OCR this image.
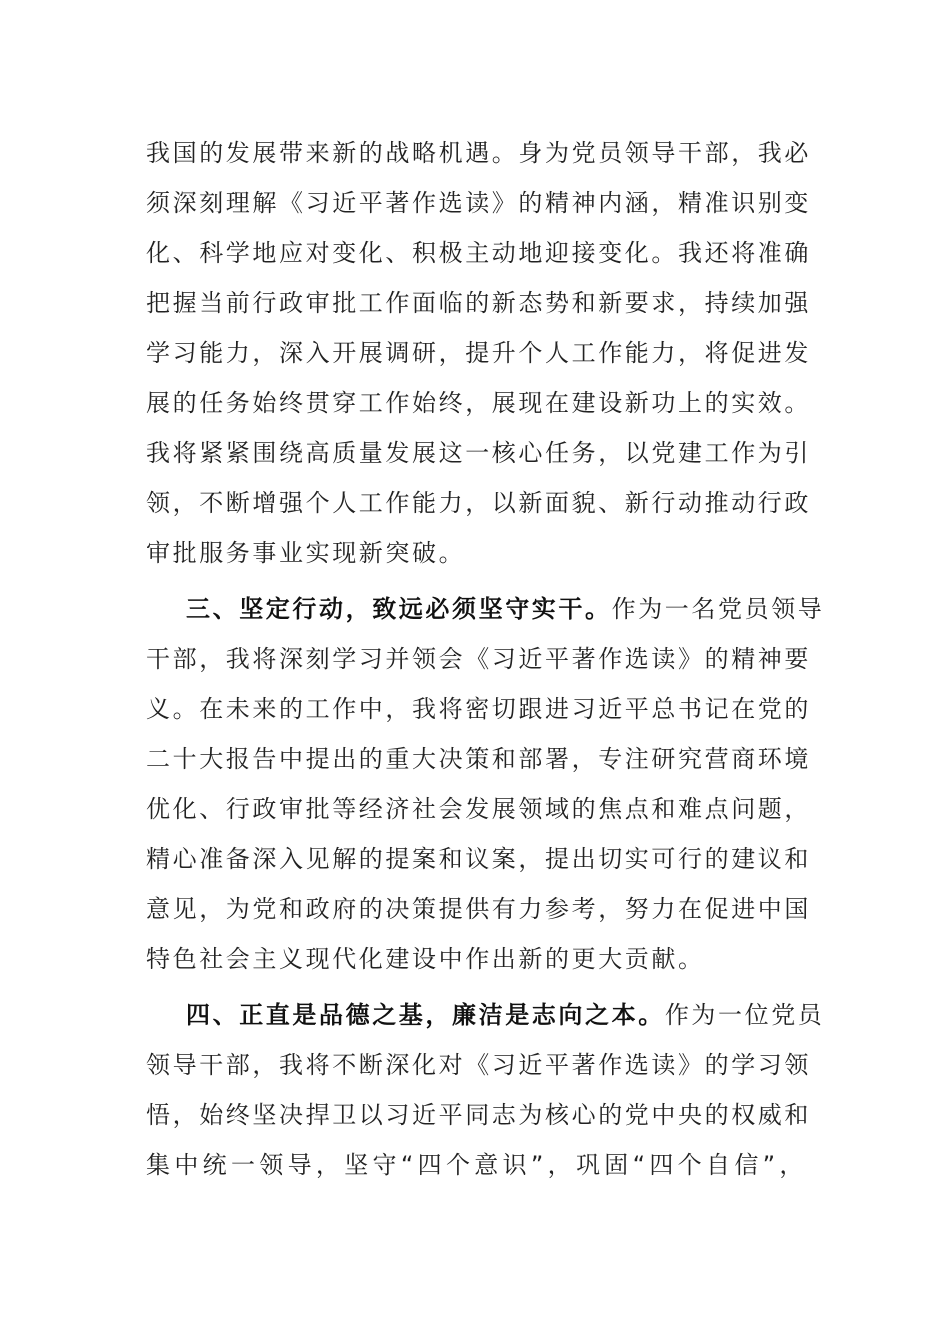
我国的发展带来新的战略机遇。身为党员领导干部，我必
须深刻理解《习近平著作选读》的精神内涵，精准识别变
化、科学地应对变化、积极主动地迎接变化。我还将准确
把握当前行政审批工作面临的新态势和新要求，持续加强
学习能力，深入开展调研，提升个人工作能力，将促进发
展的任务始终贯穿工作始终，展现在建设新功上的实效。
我将紧紧围绕高质量发展这一核心任务，以党建工作为引
领，不断增强个人工作能力，以新面貌、新行动推动行政
审批服务事业实现新突破。
三、坚定行动，致远必须坚守实干。作为一名党员领导
干部，我将深刻学习并领会《习近平著作选读》的精神要
义。在未来的工作中，我将密切跟进习近平总书记在党的
二十大报告中提出的重大决策和部署，专注研究营商环境
优化、行政审批等经济社会发展领域的焦点和难点问题，
精心准备深入见解的提案和议案，提出切实可行的建议和
意见，为党和政府的决策提供有力参考，努力在促进中国
特色社会主义现代化建设中作出新的更大贡献。
四、正直是品德之基，廉洁是志向之本。作为一位党员
领导干部，我将不断深化对《习近平著作选读》的学习领
悟，始终坚决捍卫以习近平同志为核心的党中央的权威和
集中统一领导，坚守“四个意识”，巩固“四个自信”，
